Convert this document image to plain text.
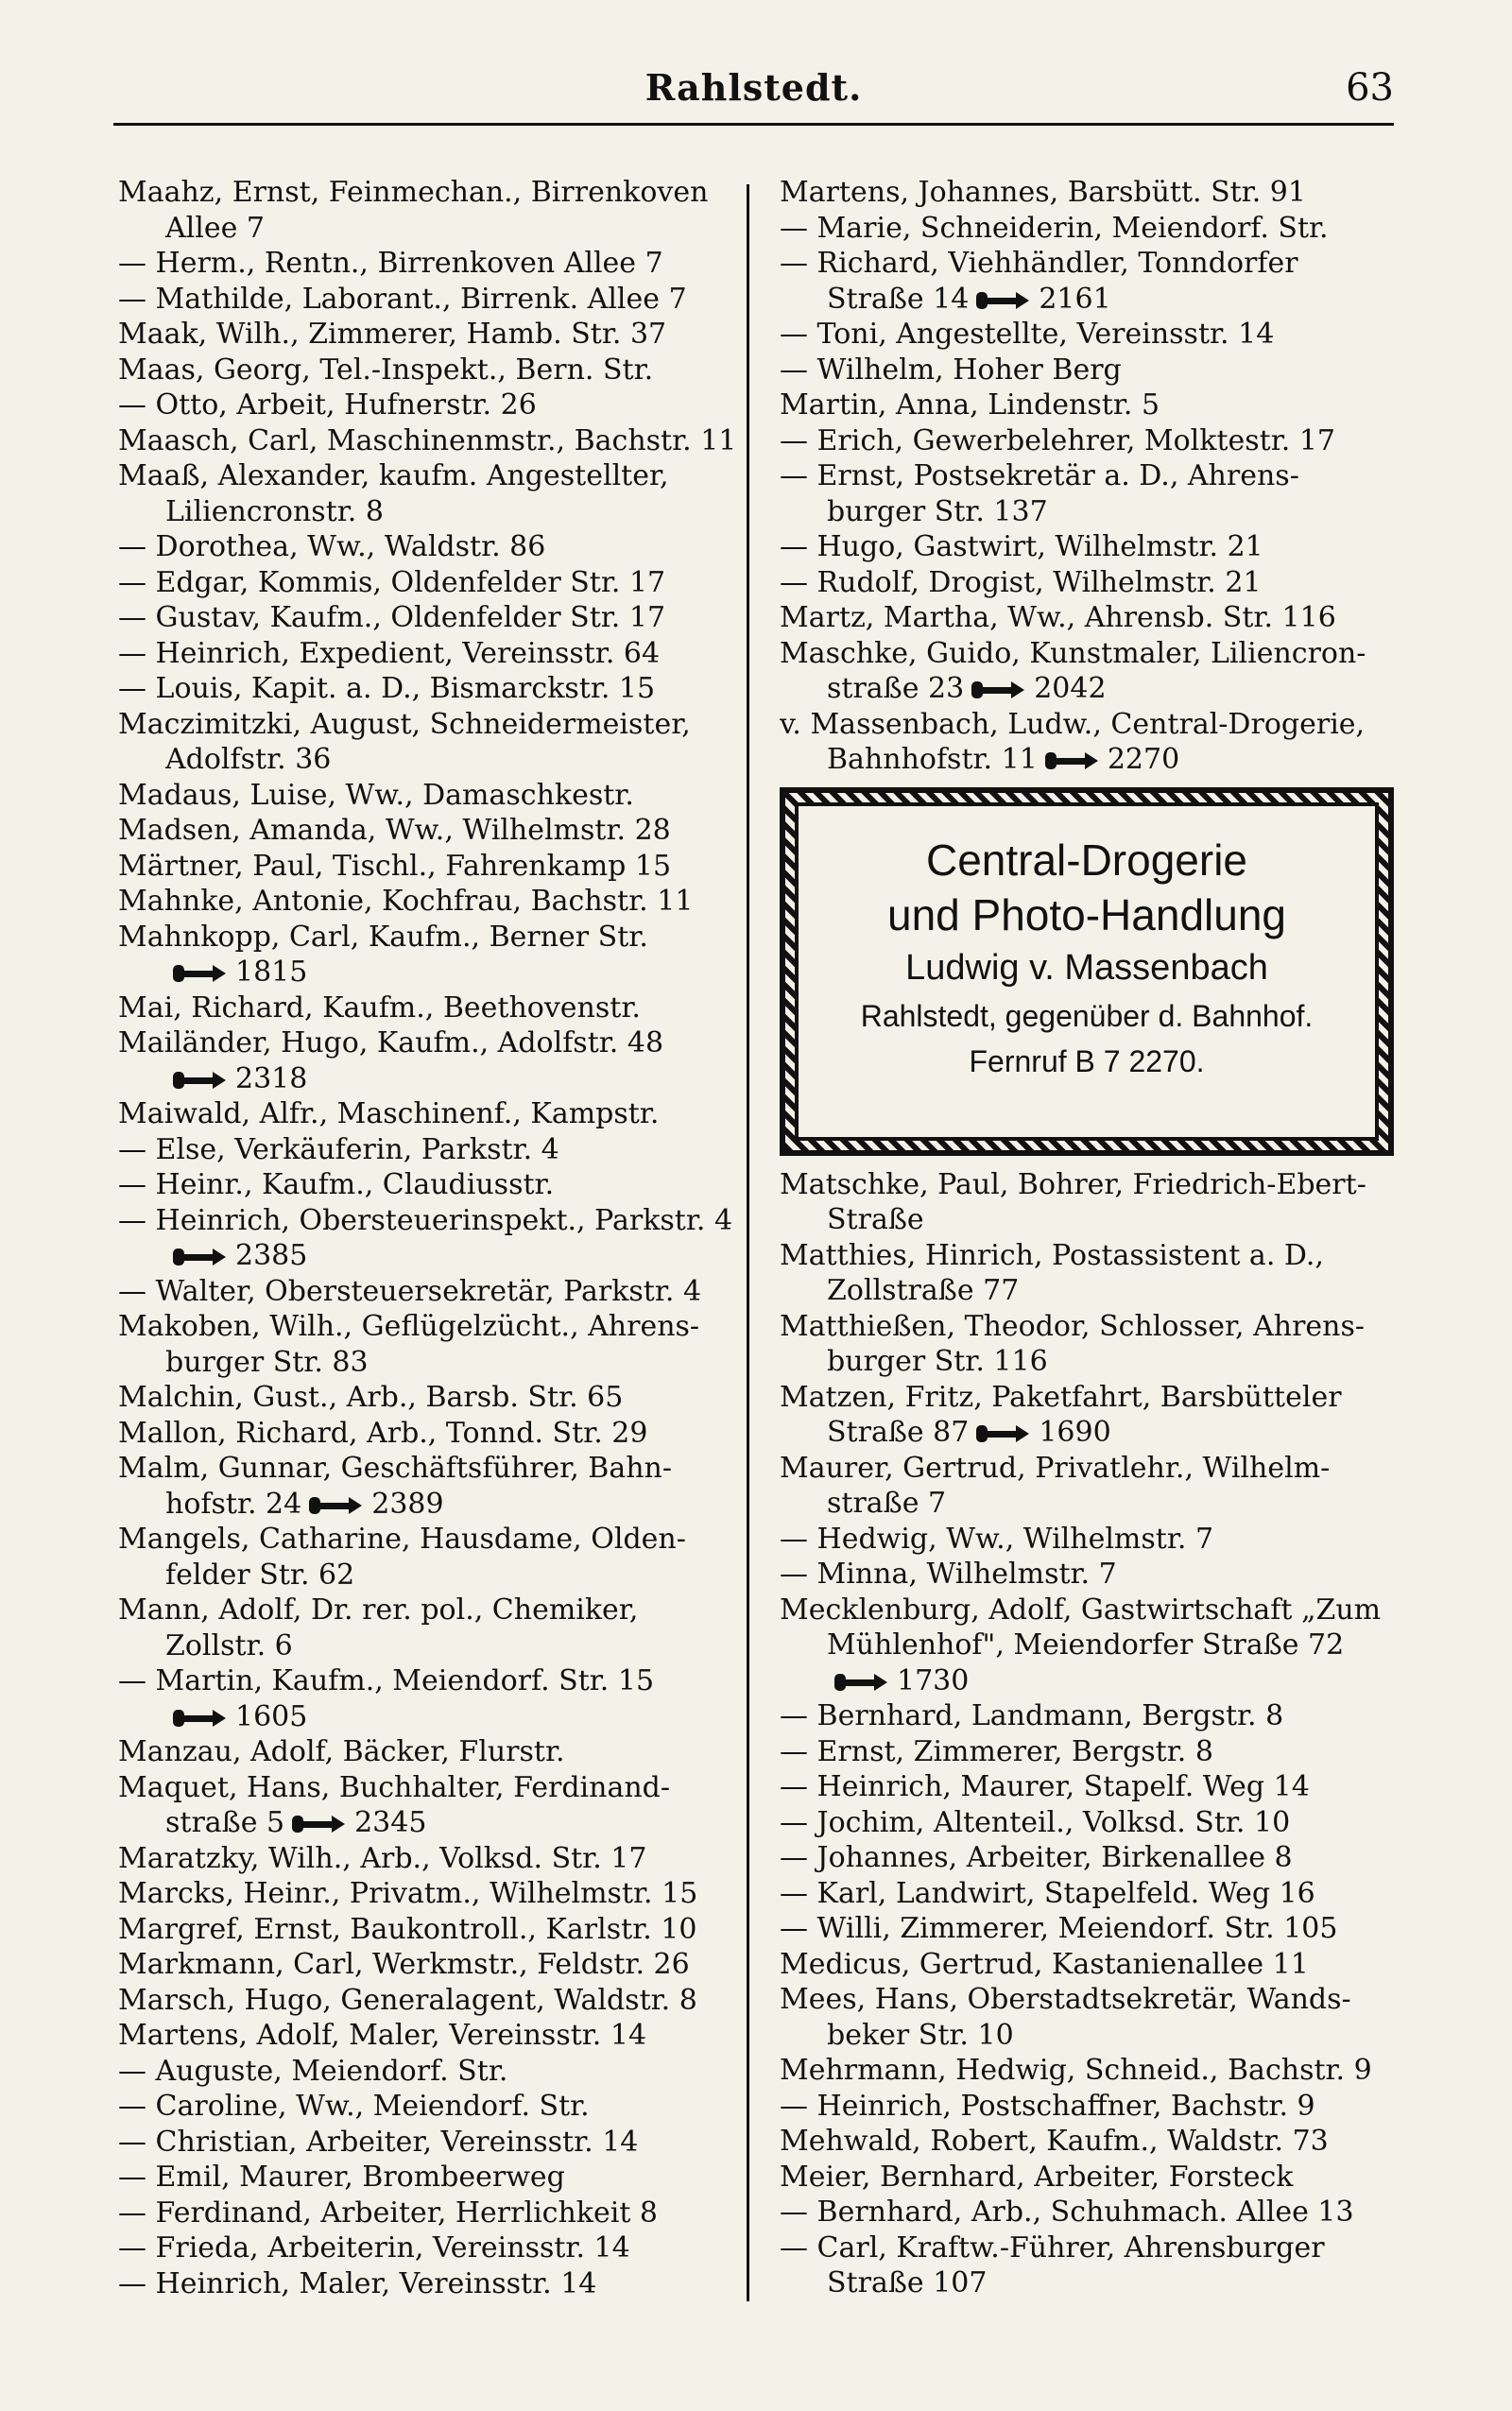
Rahlstedt.	63
Maahz, Ernst, Feinmechan., Birrenkoven
Allee 7
— Herm., Rentn., Birrenkoven Allee 7
— Mathilde, Laborant., Birrenk. Allee 7
Maak, Wilh., Zimmerer, Hamb. Str. 37
Maas, Georg, Tel.-Inspekt., Bern. Str.
— Otto, Arbeit, Hufnerstr. 26
Maasch, Carl, Maschinenmstr., Bachstr. 11
Maaß, Alexander, kaufm. Angestellter,
Liliencronstr. 8
— Dorothea, Ww., Waldstr. 86
— Edgar, Kommis, Oldenfelder Str. 17
— Gustav, Kaufm., Oldenfelder Str. 17
— Heinrich, Expedient, Vereinsstr. 64
— Louis, Kapit. a. D., Bismarckstr. 15
Maczimitzki, August, Schneidermeister,
Adolfstr. 36
Madaus, Luise, Ww., Damaschkestr.
Madsen, Amanda, Ww., Wilhelmstr. 28
Märtner, Paul, Tischl., Fahrenkamp 15
Mahnke, Antonie, Kochfrau, Bachstr. 11
Mahnkopp, Carl, Kaufm., Berner Str.
1815
Mai, Richard, Kaufm., Beethovenstr.
Mailänder, Hugo, Kaufm., Adolfstr. 48
2318
Maiwald, Alfr., Maschinenf., Kampstr.
— Else, Verkäuferin, Parkstr. 4
— Heinr., Kaufm., Claudiusstr.
— Heinrich, Obersteuerinspekt., Parkstr. 4
2385
— Walter, Obersteuersekretär, Parkstr. 4
Makoben, Wilh., Geflügelzücht., Ahrens-
burger Str. 83
Malchin, Gust., Arb., Barsb. Str. 65
Mallon, Richard, Arb., Tonnd. Str. 29
Malm, Gunnar, Geschäftsführer, Bahn-
hofstr. 24 2389
Mangels, Catharine, Hausdame, Olden-
felder Str. 62
Mann, Adolf, Dr. rer. pol., Chemiker,
Zollstr. 6
— Martin, Kaufm., Meiendorf. Str. 15
1605
Manzau, Adolf, Bäcker, Flurstr.
Maquet, Hans, Buchhalter, Ferdinand-
straße 5 2345
Maratzky, Wilh., Arb., Volksd. Str. 17
Marcks, Heinr., Privatm., Wilhelmstr. 15
Margref, Ernst, Baukontroll., Karlstr. 10
Markmann, Carl, Werkmstr., Feldstr. 26
Marsch, Hugo, Generalagent, Waldstr. 8
Martens, Adolf, Maler, Vereinsstr. 14
— Auguste, Meiendorf. Str.
— Caroline, Ww., Meiendorf. Str.
— Christian, Arbeiter, Vereinsstr. 14
— Emil, Maurer, Brombeerweg
— Ferdinand, Arbeiter, Herrlichkeit 8
— Frieda, Arbeiterin, Vereinsstr. 14
— Heinrich, Maler, Vereinsstr. 14
Martens, Johannes, Barsbütt. Str. 91
— Marie, Schneiderin, Meiendorf. Str.
— Richard, Viehhändler, Tonndorfer
Straße 14 2161
— Toni, Angestellte, Vereinsstr. 14
— Wilhelm, Hoher Berg
Martin, Anna, Lindenstr. 5
— Erich, Gewerbelehrer, Molktestr. 17
— Ernst, Postsekretär a. D., Ahrens-
burger Str. 137
— Hugo, Gastwirt, Wilhelmstr. 21
— Rudolf, Drogist, Wilhelmstr. 21
Martz, Martha, Ww., Ahrensb. Str. 116
Maschke, Guido, Kunstmaler, Liliencron-
straße 23 2042
v. Massenbach, Ludw., Central-Drogerie,
Bahnhofstr. 11 2270
Central-Drogerie
und Photo-Handlung
Ludwig v. Massenbach
Rahlstedt, gegenüber d. Bahnhof.
Fernruf B 7 2270.
Matschke, Paul, Bohrer, Friedrich-Ebert-
Straße
Matthies, Hinrich, Postassistent a. D.,
Zollstraße 77
Matthießen, Theodor, Schlosser, Ahrens-
burger Str. 116
Matzen, Fritz, Paketfahrt, Barsbütteler
Straße 87 1690
Maurer, Gertrud, Privatlehr., Wilhelm-
straße 7
— Hedwig, Ww., Wilhelmstr. 7
— Minna, Wilhelmstr. 7
Mecklenburg, Adolf, Gastwirtschaft „Zum
Mühlenhof", Meiendorfer Straße 72
1730
— Bernhard, Landmann, Bergstr. 8
— Ernst, Zimmerer, Bergstr. 8
— Heinrich, Maurer, Stapelf. Weg 14
— Jochim, Altenteil., Volksd. Str. 10
— Johannes, Arbeiter, Birkenallee 8
— Karl, Landwirt, Stapelfeld. Weg 16
— Willi, Zimmerer, Meiendorf. Str. 105
Medicus, Gertrud, Kastanienallee 11
Mees, Hans, Oberstadtsekretär, Wands-
beker Str. 10
Mehrmann, Hedwig, Schneid., Bachstr. 9
— Heinrich, Postschaffner, Bachstr. 9
Mehwald, Robert, Kaufm., Waldstr. 73
Meier, Bernhard, Arbeiter, Forsteck
— Bernhard, Arb., Schuhmach. Allee 13
— Carl, Kraftw.-Führer, Ahrensburger
Straße 107
